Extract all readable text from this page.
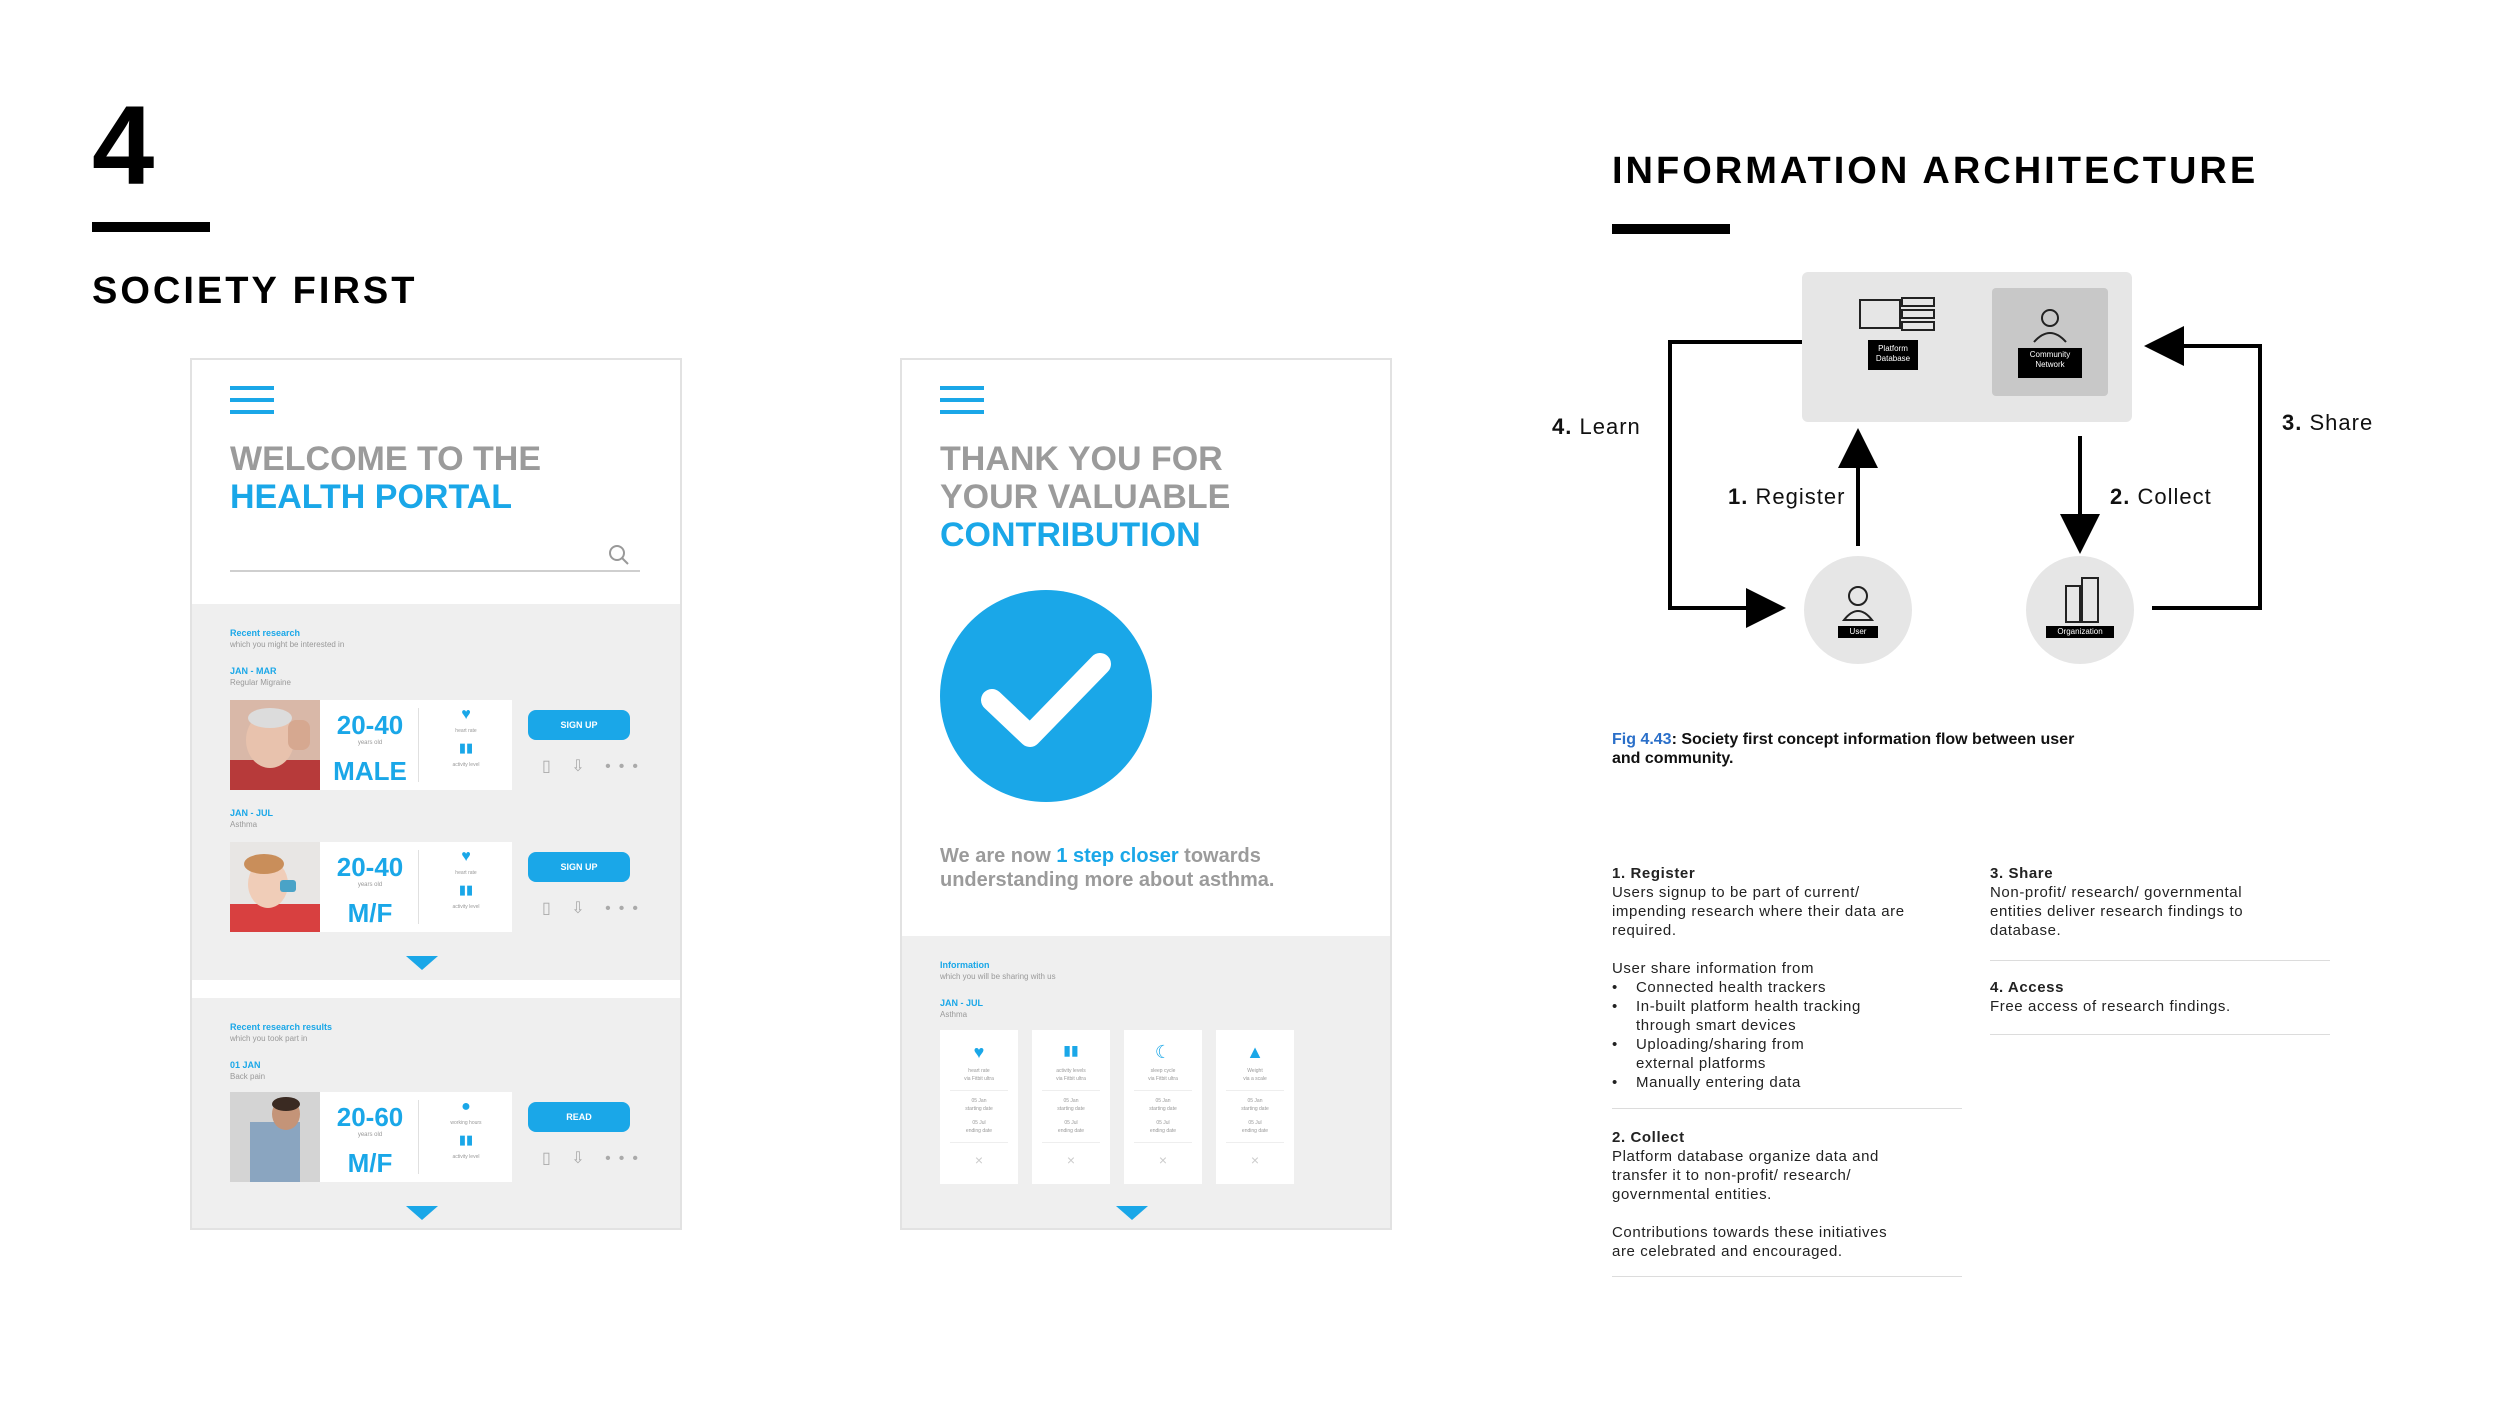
4
SOCIETY FIRST
WELCOME TO THE
HEALTH PORTAL
Recent research
which you might be interested in
JAN - MAR
Regular Migraine
20-40
years old
MALE
♥
heart rate
▮▮
activity level
SIGN UP
▯ ⇩ •••
JAN - JUL
Asthma
20-40
years old
M/F
♥
heart rate
▮▮
activity level
SIGN UP
▯ ⇩ •••
Recent research results
which you took part in
01 JAN
Back pain
20-60
years old
M/F
●
working hours
▮▮
activity level
READ
▯ ⇩ •••
THANK YOU FOR
YOUR VALUABLE
CONTRIBUTION
We are now 1 step closer towards
understanding more about asthma.
Information
which you will be sharing with us
JAN - JUL
Asthma
♥
heart rate
via Fitbit ultra
05 Jan
starting date
05 Jul
ending date
×
▮▮
activity levels
via Fitbit ultra
05 Jan
starting date
05 Jul
ending date
×
☾
sleep cycle
via Fitbit ultra
05 Jan
starting date
05 Jul
ending date
×
▲
Weight
via a scale
05 Jan
starting date
05 Jul
ending date
×
INFORMATION ARCHITECTURE
Platform
Database	Community
Network
User	Organization
4. Learn
1. Register	2. Collect
3. Share
Fig 4.43: Society first concept information flow between user
and community.
1. Register
Users signup to be part of current/
impending research where their data are
required.
User share information from
• Connected health trackers
• In-built platform health tracking
through smart devices
• Uploading/sharing from
external platforms
• Manually entering data
2. Collect
Platform database organize data and
transfer it to non-profit/ research/
governmental entities.
Contributions towards these initiatives
are celebrated and encouraged.
3. Share
Non-profit/ research/ governmental
entities deliver research findings to
database.
4. Access
Free access of research findings.
